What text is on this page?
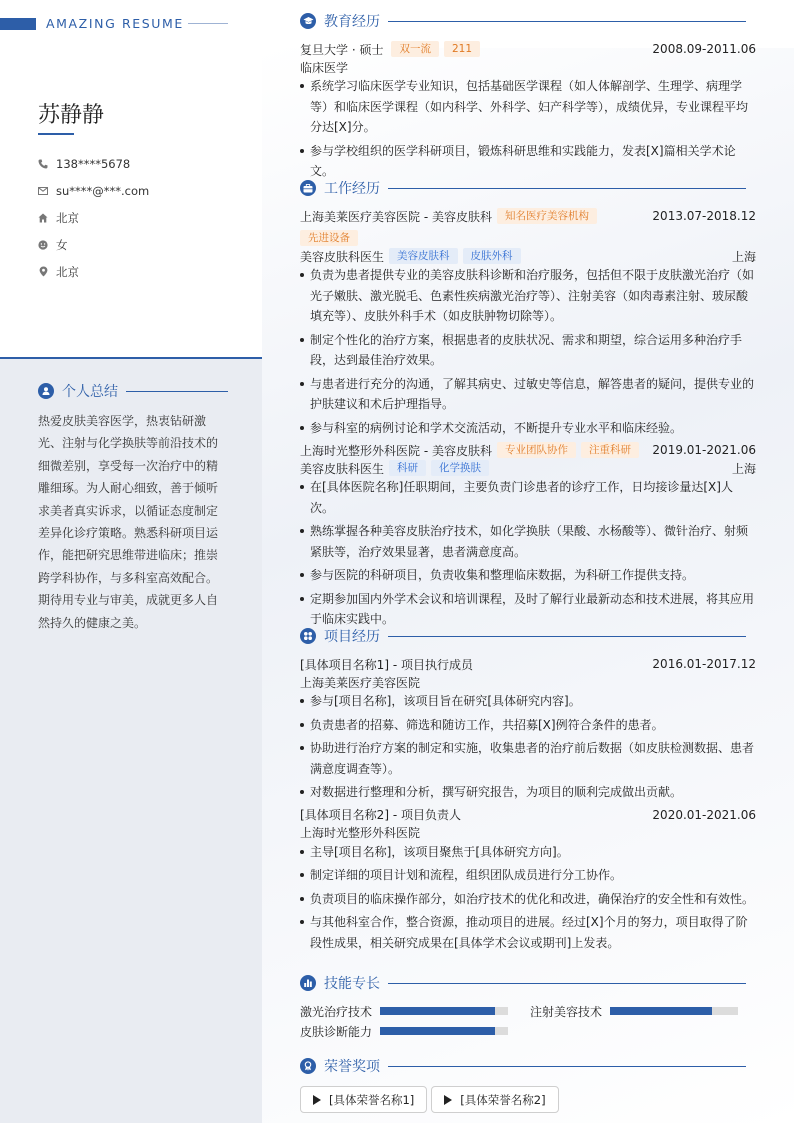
AMAZING RESUME
苏静静
138****5678
su****@***.com
北京
女
北京
个人总结
热爱皮肤美容医学，热衷钻研激光、注射与化学换肤等前沿技术的细微差别，享受每一次治疗中的精雕细琢。为人耐心细致，善于倾听求美者真实诉求，以循证态度制定差异化诊疗策略。熟悉科研项目运作，能把研究思维带进临床；推崇跨学科协作，与多科室高效配合。期待用专业与审美，成就更多人自然持久的健康之美。
教育经历
复旦大学 · 硕士	双一流	211	2008.09-2011.06
临床医学
系统学习临床医学专业知识，包括基础医学课程（如人体解剖学、生理学、病理学等）和临床医学课程（如内科学、外科学、妇产科学等），成绩优异，专业课程平均分达[X]分。
参与学校组织的医学科研项目，锻炼科研思维和实践能力，发表[X]篇相关学术论文。
工作经历
上海美莱医疗美容医院 - 美容皮肤科	知名医疗美容机构	2013.07-2018.12
先进设备
美容皮肤科医生	美容皮肤科	皮肤外科	上海
负责为患者提供专业的美容皮肤科诊断和治疗服务，包括但不限于皮肤激光治疗（如光子嫩肤、激光脱毛、色素性疾病激光治疗等）、注射美容（如肉毒素注射、玻尿酸填充等）、皮肤外科手术（如皮肤肿物切除等）。
制定个性化的治疗方案，根据患者的皮肤状况、需求和期望，综合运用多种治疗手段，达到最佳治疗效果。
与患者进行充分的沟通，了解其病史、过敏史等信息，解答患者的疑问，提供专业的护肤建议和术后护理指导。
参与科室的病例讨论和学术交流活动，不断提升专业水平和临床经验。
上海时光整形外科医院 - 美容皮肤科	专业团队协作	注重科研	2019.01-2021.06
美容皮肤科医生	科研	化学换肤	上海
在[具体医院名称]任职期间，主要负责门诊患者的诊疗工作，日均接诊量达[X]人次。
熟练掌握各种美容皮肤治疗技术，如化学换肤（果酸、水杨酸等）、微针治疗、射频紧肤等，治疗效果显著，患者满意度高。
参与医院的科研项目，负责收集和整理临床数据，为科研工作提供支持。
定期参加国内外学术会议和培训课程，及时了解行业最新动态和技术进展，将其应用于临床实践中。
项目经历
[具体项目名称1] - 项目执行成员	2016.01-2017.12
上海美莱医疗美容医院
参与[项目名称]，该项目旨在研究[具体研究内容]。
负责患者的招募、筛选和随访工作，共招募[X]例符合条件的患者。
协助进行治疗方案的制定和实施，收集患者的治疗前后数据（如皮肤检测数据、患者满意度调查等）。
对数据进行整理和分析，撰写研究报告，为项目的顺利完成做出贡献。
[具体项目名称2] - 项目负责人	2020.01-2021.06
上海时光整形外科医院
主导[项目名称]，该项目聚焦于[具体研究方向]。
制定详细的项目计划和流程，组织团队成员进行分工协作。
负责项目的临床操作部分，如治疗技术的优化和改进，确保治疗的安全性和有效性。
与其他科室合作，整合资源，推动项目的进展。经过[X]个月的努力，项目取得了阶段性成果，相关研究成果在[具体学术会议或期刊]上发表。
技能专长
激光治疗技术	注射美容技术
皮肤诊断能力
荣誉奖项
[具体荣誉名称1]	[具体荣誉名称2]
